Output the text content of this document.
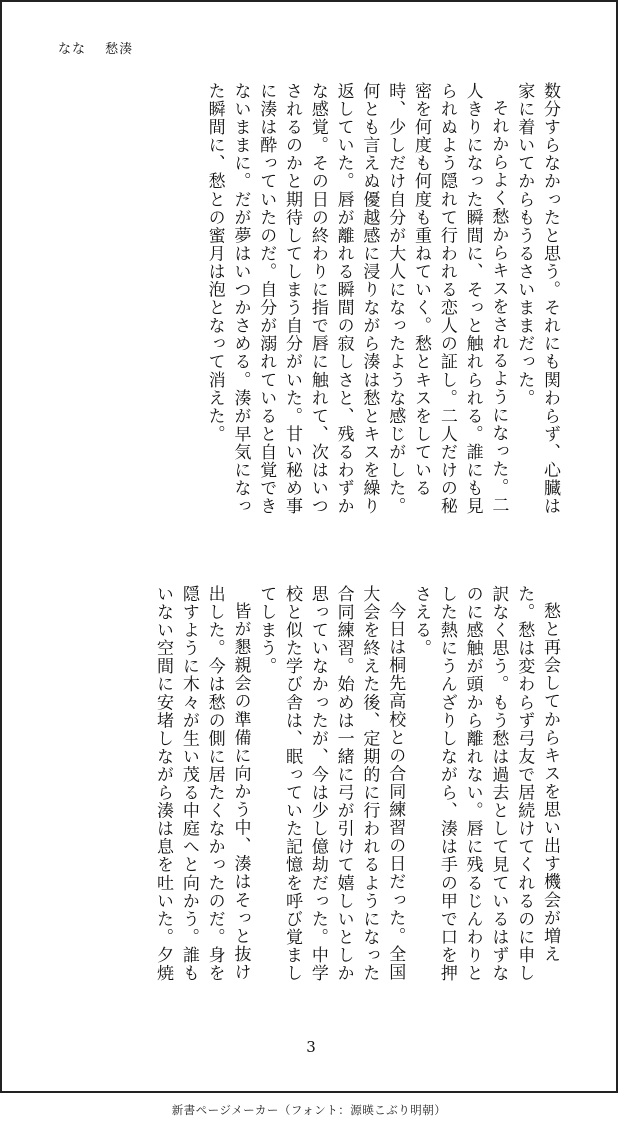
なな 愁湊

数分すらなかったと思う。それにも関わらず、心臓は家に着いてからもうるさいままだった。

それからよく愁からキスをされるようになった。二人きりになった瞬間に、そっと触れられる。誰にも見られぬよう隠れて行われる恋人の証し。二人だけの秘密を何度も何度も重ねていく。愁とキスをしている時、少しだけ自分が大人になったような感じがした。何とも言えぬ優越感に浸りながら湊は愁とキスを繰り返していた。唇が離れる瞬間の寂しさと、残るわずかな感覚。その日の終わりに指で唇に触れて、次はいつされるのかと期待してしまう自分がいた。甘い秘め事に湊は酔っていたのだ。自分が溺れていると自覚できないままに。だが夢はいつかさめる。湊が早気になった瞬間に、愁との蜜月は泡となって消えた。

愁と再会してからキスを思い出す機会が増えた。愁は変わらず弓友で居続けてくれるのに申し訳なく思う。もう愁は過去として見ているはずなのに感触が頭から離れない。唇に残るじんわりとした熱にうんざりしながら、湊は手の甲で口を押さえる。

今日は桐先高校との合同練習の日だった。全国大会を終えた後、定期的に行われるようになった合同練習。始めは一緒に弓が引けて嬉しいとしか思っていなかったが、今は少し億劫だった。中学校と似た学び舎は、眠っていた記憶を呼び覚ましてしまう。

皆が懇親会の準備に向かう中、湊はそっと抜け出した。今は愁の側に居たくなかったのだ。身を隠すように木々が生い茂る中庭へと向かう。誰もいない空間に安堵しながら湊は息を吐いた。夕焼

3
新書ページメーカー（フォント：源暎こぶり明朝）
